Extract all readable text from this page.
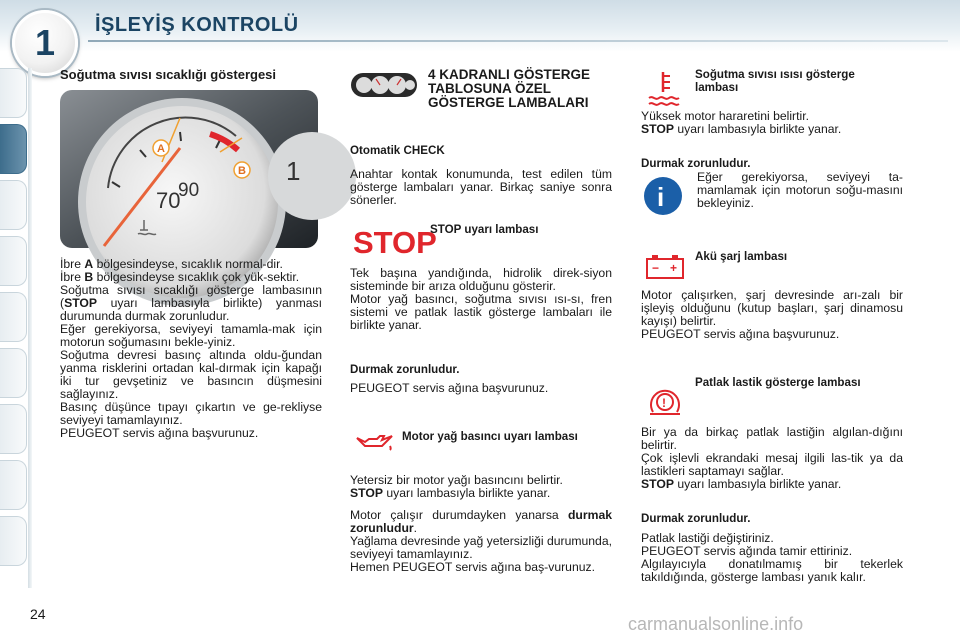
1	İŞLEYİŞ KONTROLÜ
Soğutma sıvısı sıcaklığı göstergesi
1
70
90
A
B

İbre A bölgesindeyse, sıcaklık normal-dir.

İbre B bölgesindeyse sıcaklık çok yük-sektir.

Soğutma sıvısı sıcaklığı gösterge lambasının (STOP uyarı lambasıyla birlikte) yanması durumunda durmak zorunludur.

Eğer gerekiyorsa, seviyeyi tamamla-mak için motorun soğumasını bekle-yiniz.

Soğutma devresi basınç altında oldu-ğundan yanma risklerini ortadan kal-dırmak için kapağı iki tur gevşetiniz ve basıncın düşmesini sağlayınız.

Basınç düşünce tıpayı çıkartın ve ge-rekliyse seviyeyi tamamlayınız.

PEUGEOT servis ağına başvurunuz.

4 KADRANLI GÖSTERGE TABLOSUNA ÖZEL GÖSTERGE LAMBALARI
Otomatik CHECK

Anahtar kontak konumunda, test edilen tüm gösterge lambaları yanar. Birkaç saniye sonra sönerler.

STOP
STOP uyarı lambası

Tek başına yandığında, hidrolik direk-siyon sisteminde bir arıza olduğunu gösterir.

Motor yağ basıncı, soğutma sıvısı ısı-sı, fren sistemi ve patlak lastik gösterge lambaları ile birlikte yanar.

Durmak zorunludur.

PEUGEOT servis ağına başvurunuz.

Motor yağ basıncı uyarı lambası

Yetersiz bir motor yağı basıncını belirtir.

STOP uyarı lambasıyla birlikte yanar.

Motor çalışır durumdayken yanarsa durmak zorunludur.

Yağlama devresinde yağ yetersizliği durumunda, seviyeyi tamamlayınız.

Hemen PEUGEOT servis ağına baş-vurunuz.

Soğutma sıvısı ısısı gösterge lambası

Yüksek motor hararetini belirtir.

STOP uyarı lambasıyla birlikte yanar.

Durmak zorunludur.
i

Eğer gerekiyorsa, seviyeyi ta-mamlamak için motorun soğu-masını bekleyiniz.

− +
Akü şarj lambası

Motor çalışırken, şarj devresinde arı-zalı bir işleyiş olduğunu (kutup başları, şarj dinamosu kayışı) belirtir.

PEUGEOT servis ağına başvurunuz.

!
Patlak lastik gösterge lambası

Bir ya da birkaç patlak lastiğin algılan-dığını belirtir.

Çok işlevli ekrandaki mesaj ilgili las-tik ya da lastikleri saptamayı sağlar.

STOP uyarı lambasıyla birlikte yanar.

Durmak zorunludur.

Patlak lastiği değiştiriniz.

PEUGEOT servis ağında tamir ettiriniz.

Algılayıcıyla donatılmamış bir tekerlek takıldığında, gösterge lambası yanık kalır.

24	carmanualsonline.info
